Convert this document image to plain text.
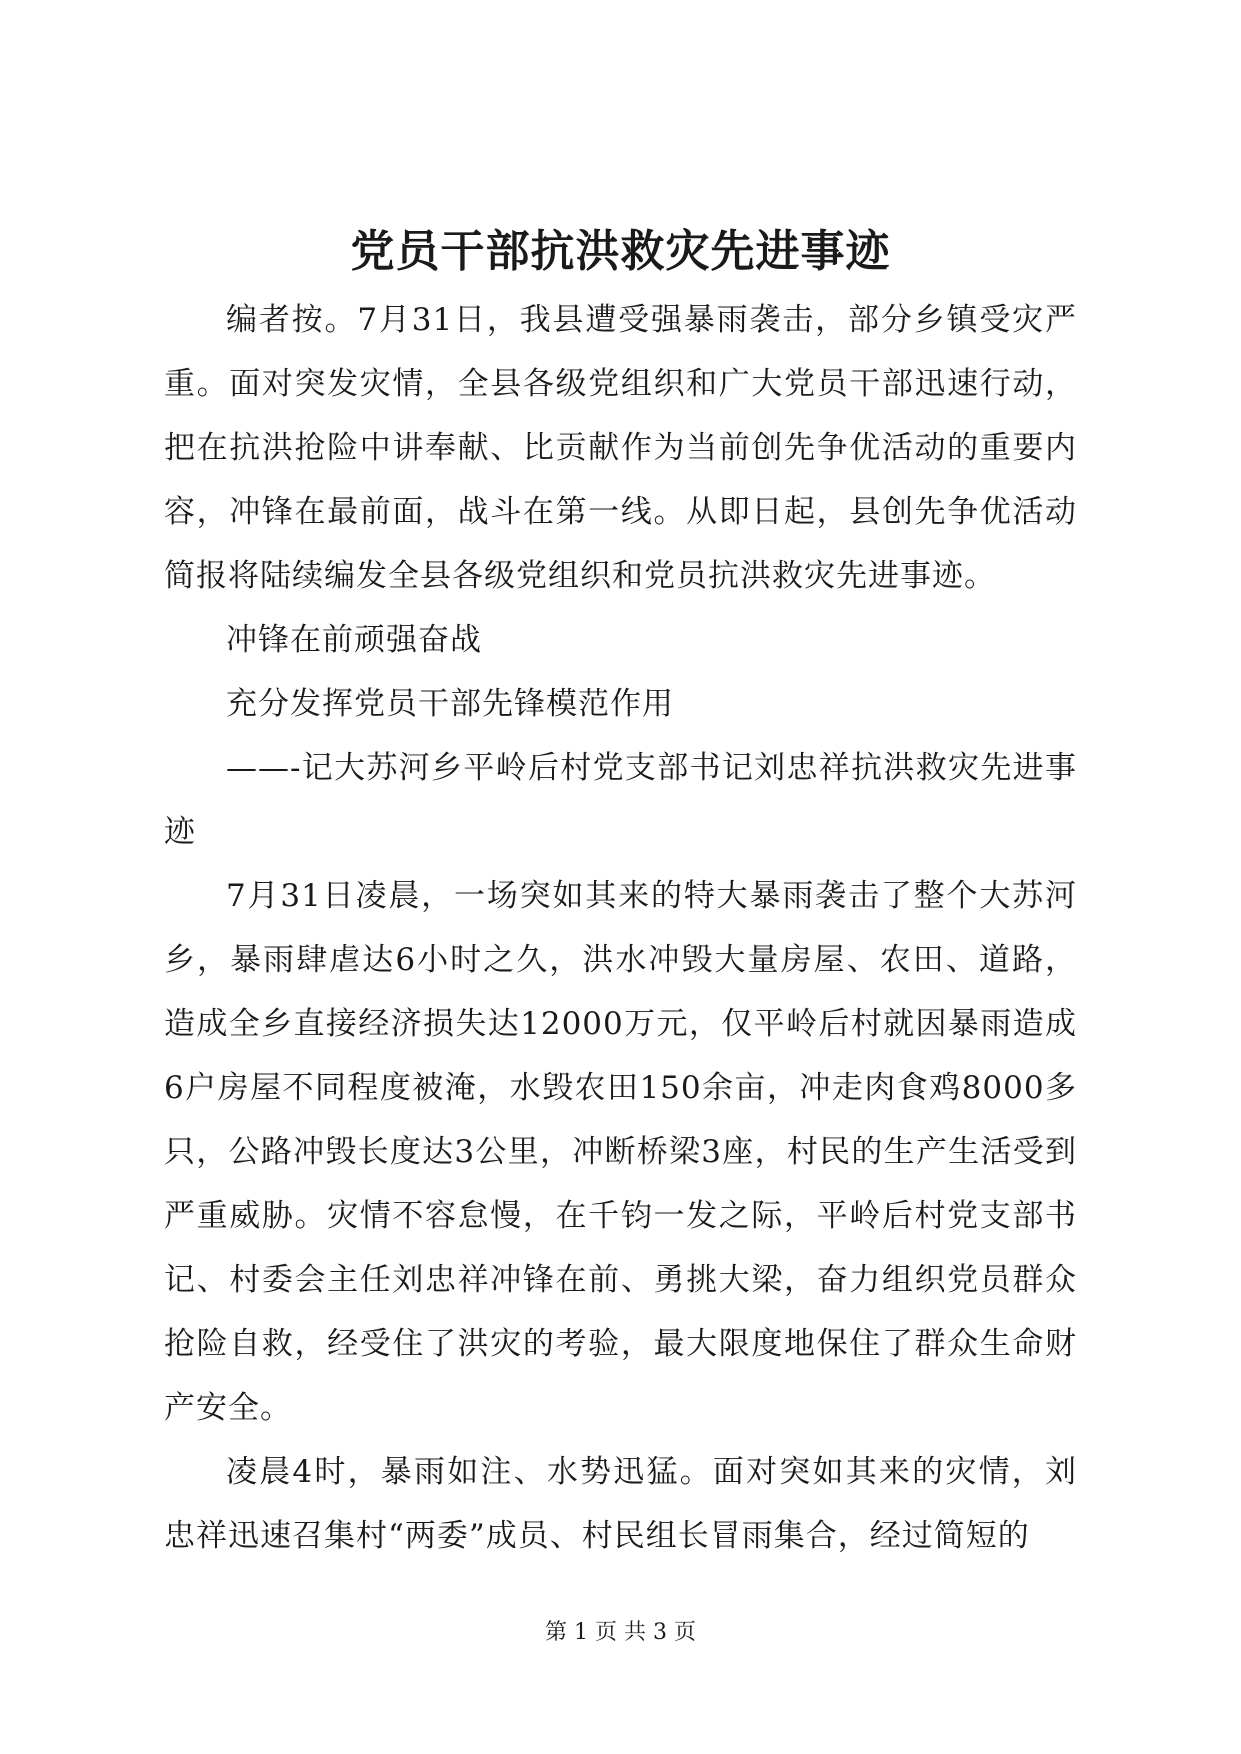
党员干部抗洪救灾先进事迹

编者按。7月31日，我县遭受强暴雨袭击，部分乡镇受灾严重。面对突发灾情，全县各级党组织和广大党员干部迅速行动，把在抗洪抢险中讲奉献、比贡献作为当前创先争优活动的重要内容，冲锋在最前面，战斗在第一线。从即日起，县创先争优活动简报将陆续编发全县各级党组织和党员抗洪救灾先进事迹。

冲锋在前顽强奋战

充分发挥党员干部先锋模范作用

——-记大苏河乡平岭后村党支部书记刘忠祥抗洪救灾先进事迹

7月31日凌晨，一场突如其来的特大暴雨袭击了整个大苏河乡，暴雨肆虐达6小时之久，洪水冲毁大量房屋、农田、道路，造成全乡直接经济损失达12000万元，仅平岭后村就因暴雨造成6户房屋不同程度被淹，水毁农田150余亩，冲走肉食鸡8000多只，公路冲毁长度达3公里，冲断桥梁3座，村民的生产生活受到严重威胁。灾情不容怠慢，在千钧一发之际，平岭后村党支部书记、村委会主任刘忠祥冲锋在前、勇挑大梁，奋力组织党员群众抢险自救，经受住了洪灾的考验，最大限度地保住了群众生命财产安全。

凌晨4时，暴雨如注、水势迅猛。面对突如其来的灾情，刘忠祥迅速召集村“两委”成员、村民组长冒雨集合，经过简短的

第 1 页 共 3 页
